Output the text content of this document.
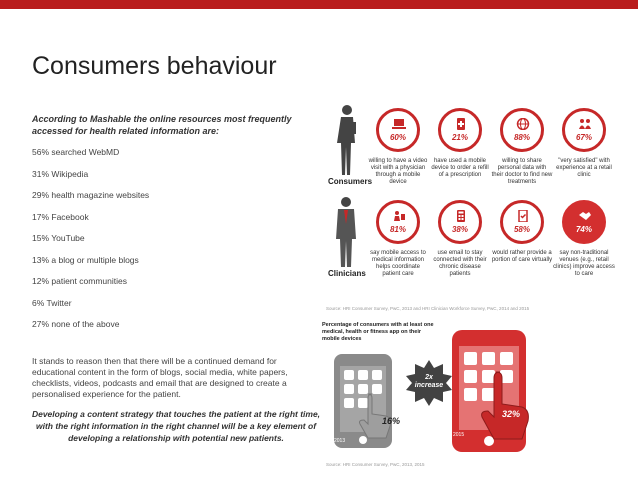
Consumers behaviour

According to Mashable the online resources most frequently accessed for health related information are:

56% searched WebMD
31% Wikipedia
29% health magazine websites
17% Facebook
15% YouTube
13% a blog or multiple blogs
12% patient communities
6% Twitter
27% none of the above

It stands to reason then that there will be a continued demand for educational content in the form of blogs, social media, white papers, checklists, videos, podcasts and email that are designed to create a personalised experience for the patient.

Developing a content strategy that touches the patient at the right time, with the right information in the right channel will be a key element of developing a relationship with potential new patients.

Consumers
Clinicians
60%
willing to have a video visit with a physician through a mobile device
21%
have used a mobile device to order a refill of a prescription
88%
willing to share personal data with their doctor to find new treatments
67%
"very satisfied" with experience at a retail clinic
81%
say mobile access to medical information helps coordinate patient care
38%
use email to stay connected with their chronic disease patients
58%
would rather provide a portion of care virtually
74%
say non-traditional venues (e.g., retail clinics) improve access to care
Source: HRI Consumer Survey, PwC, 2013 and HRI Clinician Workforce Survey, PwC, 2014 and 2015
Percentage of consumers with at least one medical, health or fitness app on their mobile devices
16%
2013
2x increase
32%
2015
Source: HRI Consumer Survey, PwC, 2013, 2015
